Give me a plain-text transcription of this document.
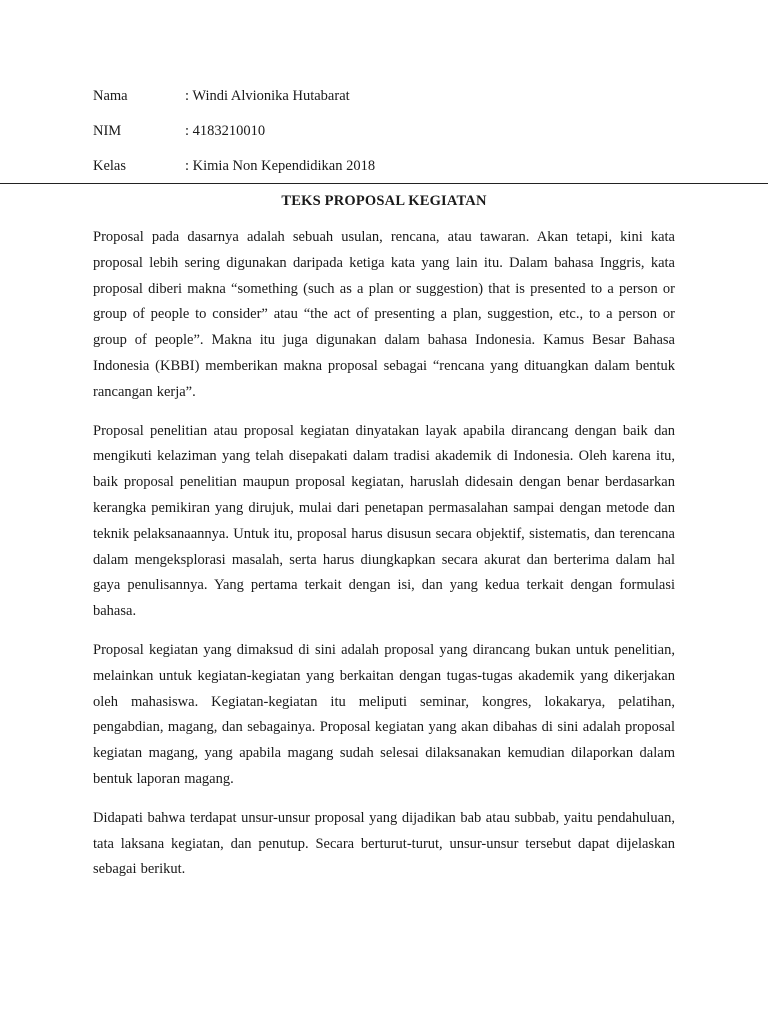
Nama	: Windi Alvionika Hutabarat
NIM	: 4183210010
Kelas	: Kimia Non Kependidikan 2018
TEKS PROPOSAL KEGIATAN

Proposal pada dasarnya adalah sebuah usulan, rencana, atau tawaran. Akan tetapi, kini kata proposal lebih sering digunakan daripada ketiga kata yang lain itu. Dalam bahasa Inggris, kata proposal diberi makna “something (such as a plan or suggestion) that is presented to a person or group of people to consider” atau “the act of presenting a plan, suggestion, etc., to a person or group of people”. Makna itu juga digunakan dalam bahasa Indonesia. Kamus Besar Bahasa Indonesia (KBBI) memberikan makna proposal sebagai “rencana yang dituangkan dalam bentuk rancangan kerja”.

Proposal penelitian atau proposal kegiatan dinyatakan layak apabila dirancang dengan baik dan mengikuti kelaziman yang telah disepakati dalam tradisi akademik di Indonesia. Oleh karena itu, baik proposal penelitian maupun proposal kegiatan, haruslah didesain dengan benar berdasarkan kerangka pemikiran yang dirujuk, mulai dari penetapan permasalahan sampai dengan metode dan teknik pelaksanaannya. Untuk itu, proposal harus disusun secara objektif, sistematis, dan terencana dalam mengeksplorasi masalah, serta harus diungkapkan secara akurat dan berterima dalam hal gaya penulisannya. Yang pertama terkait dengan isi, dan yang kedua terkait dengan formulasi bahasa.

Proposal kegiatan yang dimaksud di sini adalah proposal yang dirancang bukan untuk penelitian, melainkan untuk kegiatan-kegiatan yang berkaitan dengan tugas-tugas akademik yang dikerjakan oleh mahasiswa. Kegiatan-kegiatan itu meliputi seminar, kongres, lokakarya, pelatihan, pengabdian, magang, dan sebagainya. Proposal kegiatan yang akan dibahas di sini adalah proposal kegiatan magang, yang apabila magang sudah selesai dilaksanakan kemudian dilaporkan dalam bentuk laporan magang.

Didapati bahwa terdapat unsur-unsur proposal yang dijadikan bab atau subbab, yaitu pendahuluan, tata laksana kegiatan, dan penutup. Secara berturut-turut, unsur-unsur tersebut dapat dijelaskan sebagai berikut.
